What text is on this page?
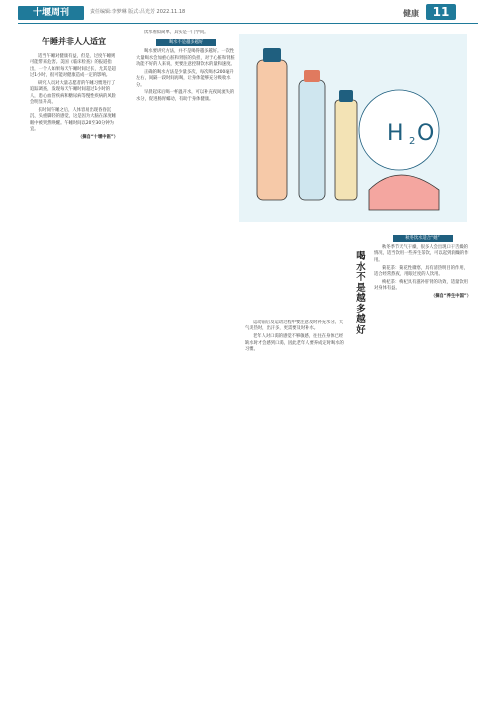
十堰周刊	责任编辑:李梦琳 版式:吕光芳 2022.11.18	健康	11
午睡并非人人适宜

适当午睡对健康有益，但是，过度午睡则可能带来危害。美国《临床检查》的报道指出，一个人如果每天午睡时间过长，尤其是超过1小时，很可能对健康造成一定的影响。

研究人员对大量志愿者的午睡习惯进行了追踪调查，发现每天午睡时间超过1小时的人，患心血管疾病和糖尿病等慢性疾病的风险会明显升高。

长时间午睡之后，人体容易出现昏昏沉沉、头重脚轻的感觉，这是因为大脑在深度睡眠中被突然唤醒。午睡时间以20至30分钟为宜。

（摘自“十堰中医”）

饮水看似简单，其实是一门学问。

喝水不是越多越好

喝水要讲究方法，并不是喝得越多越好。一次性大量喝水会加重心脏和肾脏的负担，对于心脏和肾脏功能不好的人来说，更要注意控制饮水的量和速度。

正确的喝水方法是少量多次，每次喝水200毫升左右，间隔一段时间再喝，让身体能够充分吸收水分。

早晨起床后喝一杯温开水，可以补充夜间流失的水分，促进肠胃蠕动，有助于身体健康。

H 2 O
喝水不是越多越好

运动前后及运动过程中要注意及时补充水分。天气炎热时，出汗多，更需要及时补水。

老年人对口渴的感觉不够敏感，往往在身体已经缺水时才会感到口渴，因此老年人要养成定时喝水的习惯。

秋冬饮水适合“她”

秋冬季节天气干燥，很多人会出现口干舌燥的情况，适当饮用一些养生茶饮，可以起到润燥的作用。

菊花茶：菊花性微寒，具有清热明目的作用，适合经常熬夜、用眼过度的人饮用。

枸杞茶：枸杞具有滋补肝肾的功效，适量饮用对身体有益。

（摘自“养生中国”）
